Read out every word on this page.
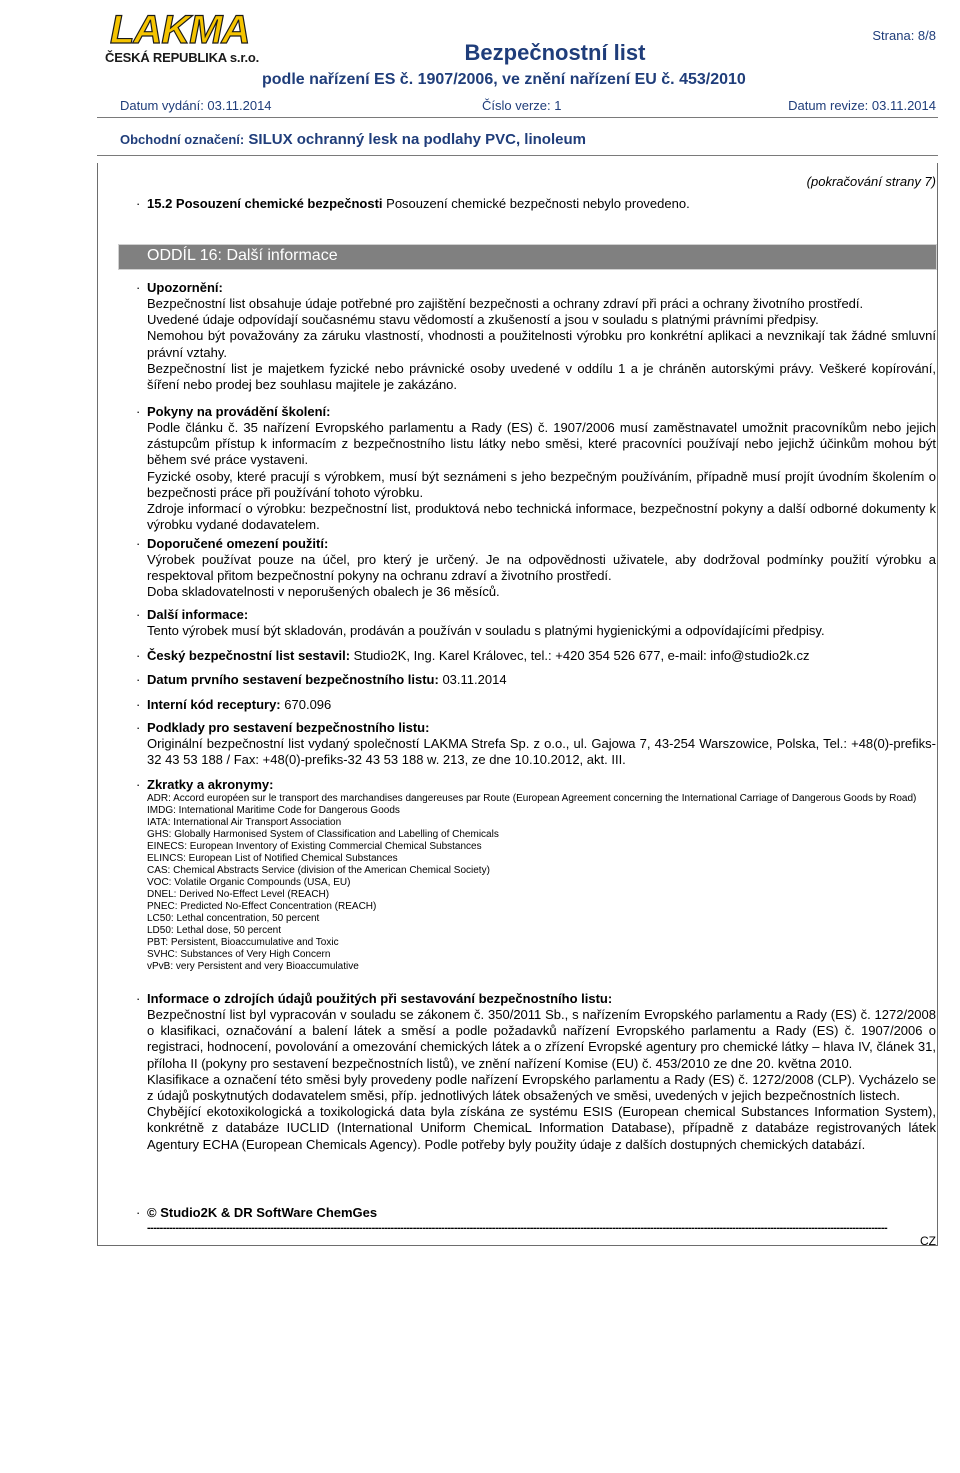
LAKMA
ČESKÁ REPUBLIKA s.r.o.	Bezpečnostní list
podle nařízení ES č. 1907/2006, ve znění nařízení EU č. 453/2010
Strana: 8/8
Datum vydání: 03.11.2014	Číslo verze: 1	Datum revize: 03.11.2014
Obchodní označení: SILUX ochranný lesk na podlahy PVC, linoleum
(pokračování strany 7)
· 15.2 Posouzení chemické bezpečnosti Posouzení chemické bezpečnosti nebylo provedeno.
ODDÍL 16: Další informace
· Upozornění:
Bezpečnostní list obsahuje údaje potřebné pro zajištění bezpečnosti a ochrany zdraví při práci a ochrany životního prostředí.
Uvedené údaje odpovídají současnému stavu vědomostí a zkušeností a jsou v souladu s platnými právními předpisy.
Nemohou být považovány za záruku vlastností, vhodnosti a použitelnosti výrobku pro konkrétní aplikaci a nevznikají tak žádné smluvní právní vztahy.
Bezpečnostní list je majetkem fyzické nebo právnické osoby uvedené v oddílu 1 a je chráněn autorskými právy. Veškeré kopírování, šíření nebo prodej bez souhlasu majitele je zakázáno.
· Pokyny na provádění školení:
Podle článku č. 35 nařízení Evropského parlamentu a Rady (ES) č. 1907/2006 musí zaměstnavatel umožnit pracovníkům nebo jejich zástupcům přístup k informacím z bezpečnostního listu látky nebo směsi, které pracovníci používají nebo jejichž účinkům mohou být během své práce vystaveni.
Fyzické osoby, které pracují s výrobkem, musí být seznámeni s jeho bezpečným používáním, případně musí projít úvodním školením o bezpečnosti práce při používání tohoto výrobku.
Zdroje informací o výrobku: bezpečnostní list, produktová nebo technická informace, bezpečnostní pokyny a další odborné dokumenty k výrobku vydané dodavatelem.
· Doporučené omezení použití:
Výrobek používat pouze na účel, pro který je určený. Je na odpovědnosti uživatele, aby dodržoval podmínky použití výrobku a respektoval přitom bezpečnostní pokyny na ochranu zdraví a životního prostředí.
Doba skladovatelnosti v neporušených obalech je 36 měsíců.
· Další informace:
Tento výrobek musí být skladován, prodáván a používán v souladu s platnými hygienickými a odpovídajícími předpisy.
· Český bezpečnostní list sestavil: Studio2K, Ing. Karel Královec, tel.: +420 354 526 677, e-mail: info@studio2k.cz
· Datum prvního sestavení bezpečnostního listu: 03.11.2014
· Interní kód receptury: 670.096
· Podklady pro sestavení bezpečnostního listu:
Originální bezpečnostní list vydaný společností LAKMA Strefa Sp. z o.o., ul. Gajowa 7, 43-254 Warszowice, Polska, Tel.: +48(0)-prefiks-32 43 53 188 / Fax: +48(0)-prefiks-32 43 53 188 w. 213, ze dne 10.10.2012, akt. III.
· Zkratky a akronymy:
ADR: Accord européen sur le transport des marchandises dangereuses par Route (European Agreement concerning the International Carriage of Dangerous Goods by Road)
IMDG: International Maritime Code for Dangerous Goods
IATA: International Air Transport Association
GHS: Globally Harmonised System of Classification and Labelling of Chemicals
EINECS: European Inventory of Existing Commercial Chemical Substances
ELINCS: European List of Notified Chemical Substances
CAS: Chemical Abstracts Service (division of the American Chemical Society)
VOC: Volatile Organic Compounds (USA, EU)
DNEL: Derived No-Effect Level (REACH)
PNEC: Predicted No-Effect Concentration (REACH)
LC50: Lethal concentration, 50 percent
LD50: Lethal dose, 50 percent
PBT: Persistent, Bioaccumulative and Toxic
SVHC: Substances of Very High Concern
vPvB: very Persistent and very Bioaccumulative
· Informace o zdrojích údajů použitých při sestavování bezpečnostního listu:
Bezpečnostní list byl vypracován v souladu se zákonem č. 350/2011 Sb., s nařízením Evropského parlamentu a Rady (ES) č. 1272/2008 o klasifikaci, označování a balení látek a směsí a podle požadavků nařízení Evropského parlamentu a Rady (ES) č. 1907/2006 o registraci, hodnocení, povolování a omezování chemických látek a o zřízení Evropské agentury pro chemické látky – hlava IV, článek 31, příloha II (pokyny pro sestavení bezpečnostních listů), ve znění nařízení Komise (EU) č. 453/2010 ze dne 20. května 2010.
Klasifikace a označení této směsi byly provedeny podle nařízení Evropského parlamentu a Rady (ES) č. 1272/2008 (CLP). Vycházelo se z údajů poskytnutých dodavatelem směsi, příp. jednotlivých látek obsažených ve směsi, uvedených v jejich bezpečnostních listech.
Chybějící ekotoxikologická a toxikologická data byla získána ze systému ESIS (European chemical Substances Information System), konkrétně z databáze IUCLID (International Uniform ChemicaL Information Database), případně z databáze registrovaných látek Agentury ECHA (European Chemicals Agency). Podle potřeby byly použity údaje z dalších dostupných chemických databází.
· © Studio2K & DR SoftWare ChemGes
------------------------------------------------------------------------------------------------------------------------------------------------------------------------------------------------------------------------------------------
CZ
